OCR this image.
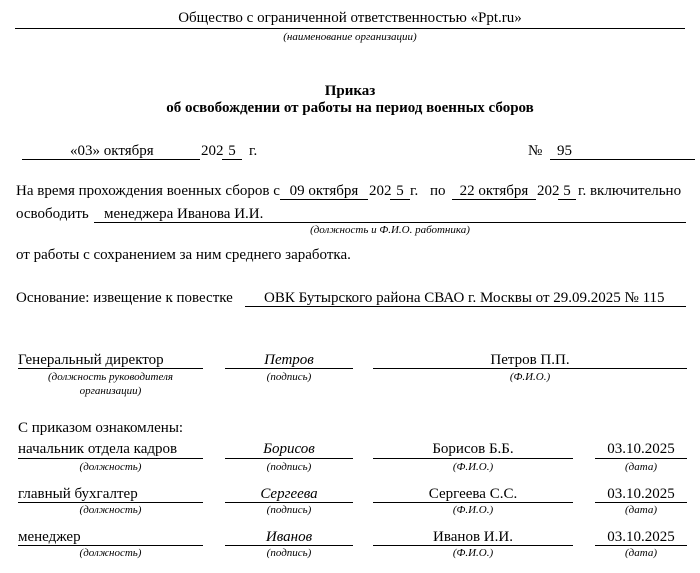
Общество с ограниченной ответственностью «Ppt.ru»
(наименование организации)
Приказ
об освобождении от работы на период военных сборов
«03» октября	202 5 г.	№ 95
На время прохождения военных сборов с 09 октября 202 5 г. по 22 октября 202 5 г. включительно
освободить менеджера Иванова И.И.
(должность и Ф.И.О. работника)
от работы с сохранением за ним среднего заработка.
Основание: извещение к повестке ОВК Бутырского района СВАО г. Москвы от 29.09.2025 № 115
Генеральный директор
(должность руководителя
организации)
Петров
(подпись)
Петров П.П.
(Ф.И.О.)
С приказом ознакомлены:
начальник отдела кадров
(должность)
Борисов
(подпись)
Борисов Б.Б.
(Ф.И.О.)
03.10.2025
(дата)
главный бухгалтер
(должность)
Сергеева
(подпись)
Сергеева С.С.
(Ф.И.О.)
03.10.2025
(дата)
менеджер
(должность)
Иванов
(подпись)
Иванов И.И.
(Ф.И.О.)
03.10.2025
(дата)
